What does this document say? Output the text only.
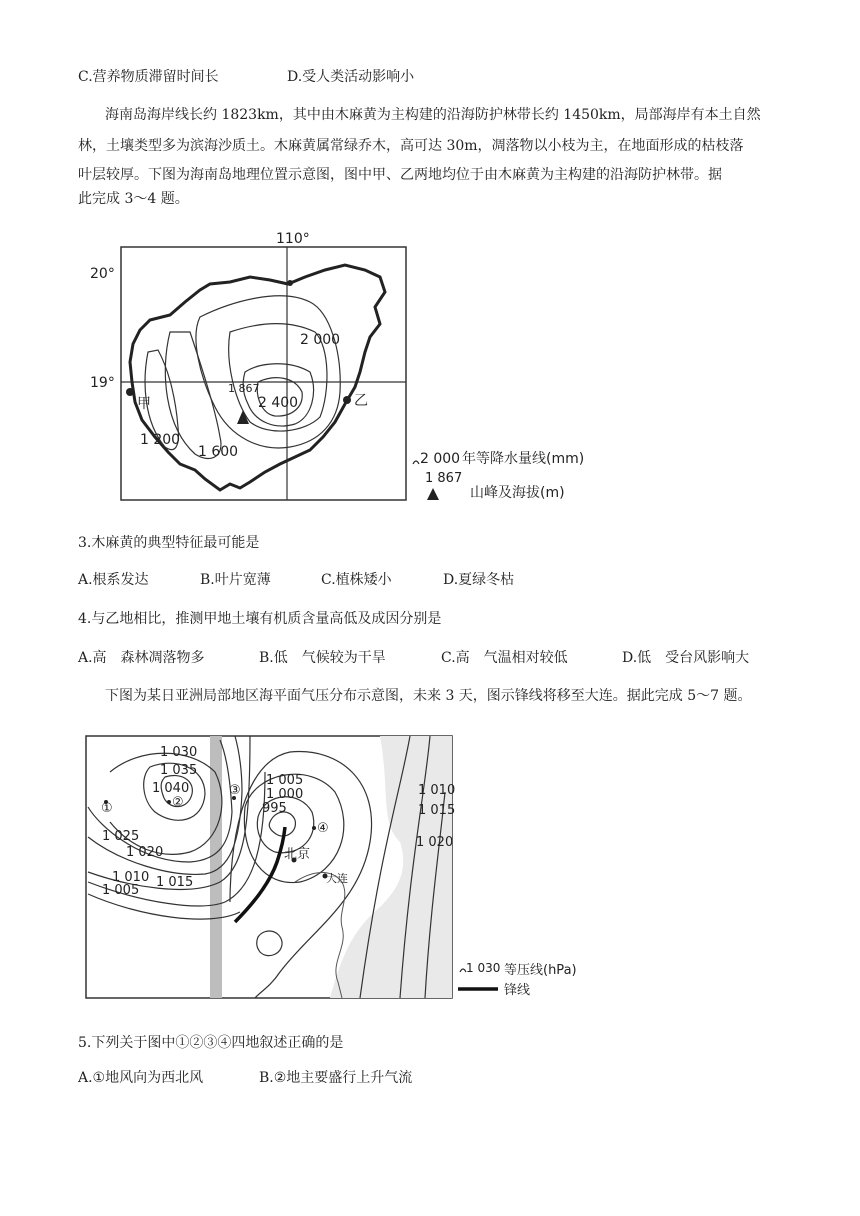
C.营养物质滞留时间长	D.受人类活动影响小
海南岛海岸线长约 1823km，其中由木麻黄为主构建的沿海防护林带长约 1450km，局部海岸有本土自然
林，土壤类型多为滨海沙质土。木麻黄属常绿乔木，高可达 30m，凋落物以小枝为主，在地面形成的枯枝落
叶层较厚。下图为海南岛地理位置示意图，图中甲、乙两地均位于由木麻黄为主构建的沿海防护林带。据
此完成 3～4 题。
110°
20°
19°
2 000
2 400
1 600
1 200
1 867
甲	乙
2 000 年等降水量线(mm)
1 867
山峰及海拔(m)
3.木麻黄的典型特征最可能是
A.根系发达	B.叶片宽薄	C.植株矮小	D.夏绿冬枯
4.与乙地相比，推测甲地土壤有机质含量高低及成因分别是
A.高　森林凋落物多	B.低　气候较为干旱	C.高　气温相对较低	D.低　受台风影响大
下图为某日亚洲局部地区海平面气压分布示意图，未来 3 天，图示锋线将移至大连。据此完成 5～7 题。
1 030
1 035
1 040
1 025
1 020
1 010
1 005
1 015
1 005
1 000
995
1 010
1 015
1 020
①	②
③
④
北京
大连
1 030 等压线(hPa)
锋线
5.下列关于图中①②③④四地叙述正确的是
A.①地风向为西北风	B.②地主要盛行上升气流
